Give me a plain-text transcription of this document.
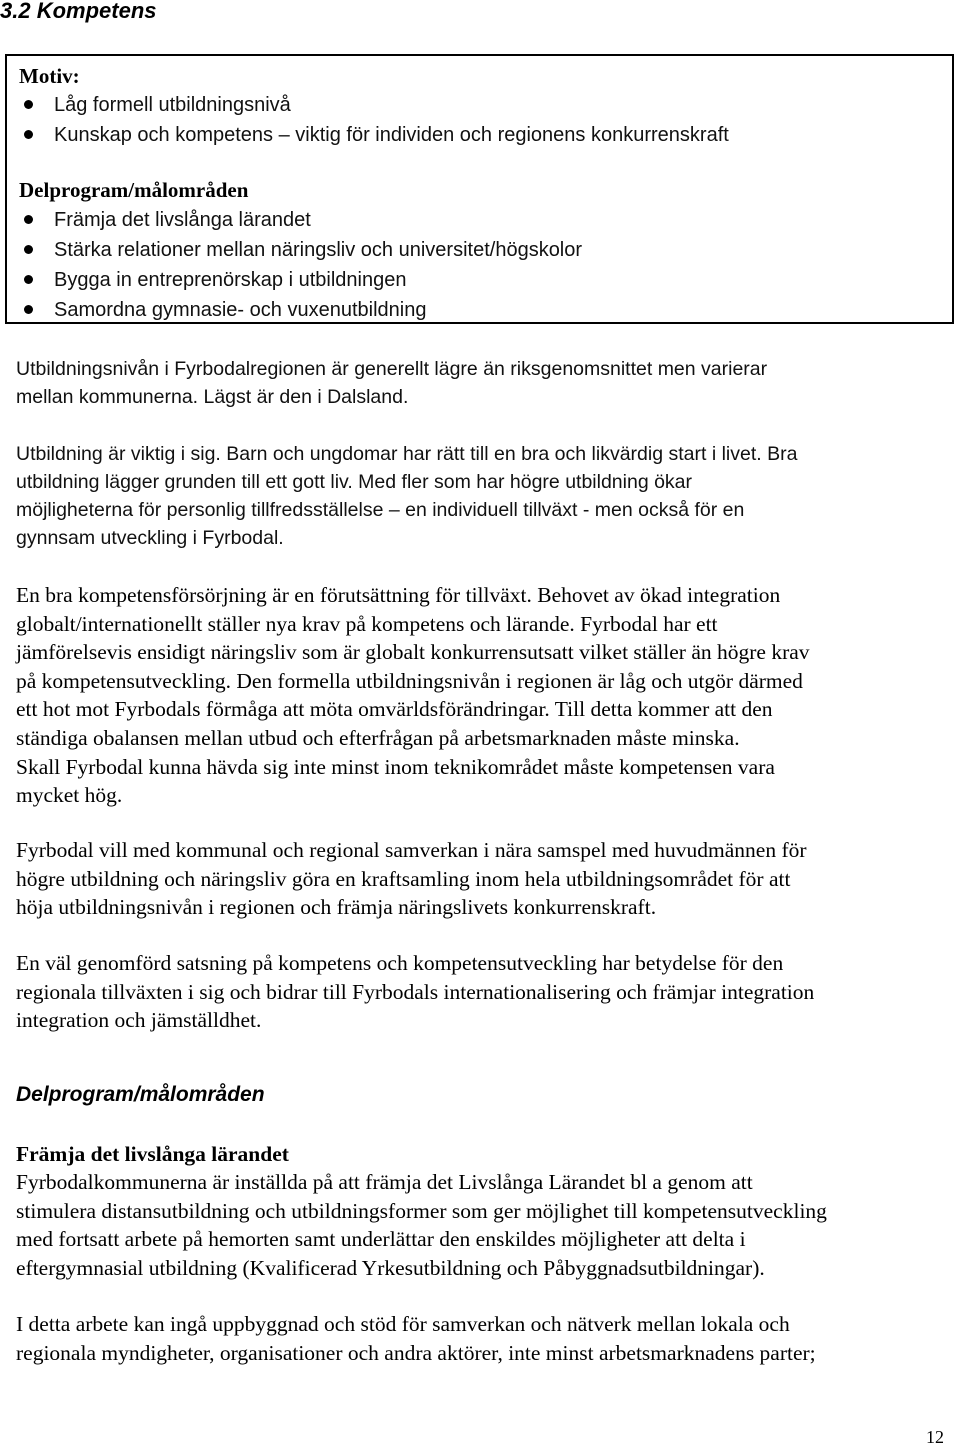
3.2 Kompetens

Motiv:

Låg formell utbildningsnivå
Kunskap och kompetens – viktig för individen och regionens konkurrenskraft

Delprogram/målområden

Främja det livslånga lärandet
Stärka relationer mellan näringsliv och universitet/högskolor
Bygga in entreprenörskap i utbildningen
Samordna gymnasie- och vuxenutbildning

Utbildningsnivån i Fyrbodalregionen är generellt lägre än riksgenomsnittet men varierar
mellan kommunerna. Lägst är den i Dalsland.

Utbildning är viktig i sig. Barn och ungdomar har rätt till en bra och likvärdig start i livet. Bra
utbildning lägger grunden till ett gott liv. Med fler som har högre utbildning ökar
möjligheterna för personlig tillfredsställelse – en individuell tillväxt - men också för en
gynnsam utveckling i Fyrbodal.

En bra kompetensförsörjning är en förutsättning för tillväxt. Behovet av ökad integration
globalt/internationellt ställer nya krav på kompetens och lärande. Fyrbodal har ett
jämförelsevis ensidigt näringsliv som är globalt konkurrensutsatt vilket ställer än högre krav
på kompetensutveckling. Den formella utbildningsnivån i regionen är låg och utgör därmed
ett hot mot Fyrbodals förmåga att möta omvärldsförändringar. Till detta kommer att den
ständiga obalansen mellan utbud och efterfrågan på arbetsmarknaden måste minska.
Skall Fyrbodal kunna hävda sig inte minst inom teknikområdet måste kompetensen vara
mycket hög.

Fyrbodal vill med kommunal och regional samverkan i nära samspel med huvudmännen för
högre utbildning och näringsliv göra en kraftsamling inom hela utbildningsområdet för att
höja utbildningsnivån i regionen och främja näringslivets konkurrenskraft.

En väl genomförd satsning på kompetens och kompetensutveckling har betydelse för den
regionala tillväxten i sig och bidrar till Fyrbodals internationalisering och främjar integration
integration och jämställdhet.

Delprogram/målområden

Främja det livslånga lärandet

Fyrbodalkommunerna är inställda på att främja det Livslånga Lärandet bl a genom att
stimulera distansutbildning och utbildningsformer som ger möjlighet till kompetensutveckling
med fortsatt arbete på hemorten samt underlättar den enskildes möjligheter att delta i
eftergymnasial utbildning (Kvalificerad Yrkesutbildning och Påbyggnadsutbildningar).

I detta arbete kan ingå uppbyggnad och stöd för samverkan och nätverk mellan lokala och
regionala myndigheter, organisationer och andra aktörer, inte minst arbetsmarknadens parter;

12
